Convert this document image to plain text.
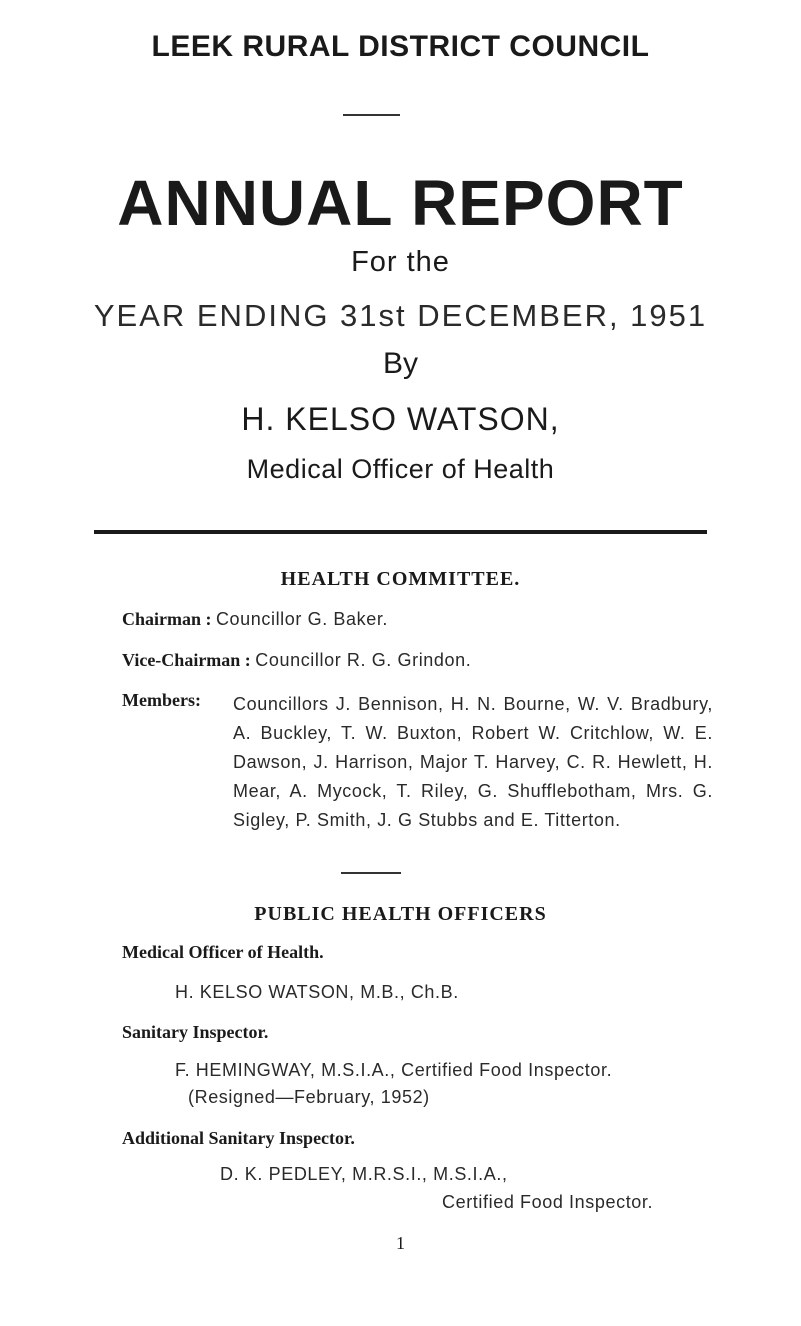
LEEK RURAL DISTRICT COUNCIL
ANNUAL REPORT
For the
YEAR ENDING 31st DECEMBER, 1951
By
H. KELSO WATSON,
Medical Officer of Health
HEALTH COMMITTEE.
Chairman : Councillor G. Baker.
Vice-Chairman : Councillor R. G. Grindon.
Members: Councillors J. Bennison, H. N. Bourne, W. V. Bradbury, A. Buckley, T. W. Buxton, Robert W. Critchlow, W. E. Dawson, J. Harrison, Major T. Harvey, C. R. Hewlett, H. Mear, A. Mycock, T. Riley, G. Shufflebotham, Mrs. G. Sigley, P. Smith, J. G Stubbs and E. Titterton.
PUBLIC HEALTH OFFICERS
Medical Officer of Health.
H. KELSO WATSON, M.B., Ch.B.
Sanitary Inspector.
F. HEMINGWAY, M.S.I.A., Certified Food Inspector.
(Resigned—February, 1952)
Additional Sanitary Inspector.
D. K. PEDLEY, M.R.S.I., M.S.I.A.,
Certified Food Inspector.
1
